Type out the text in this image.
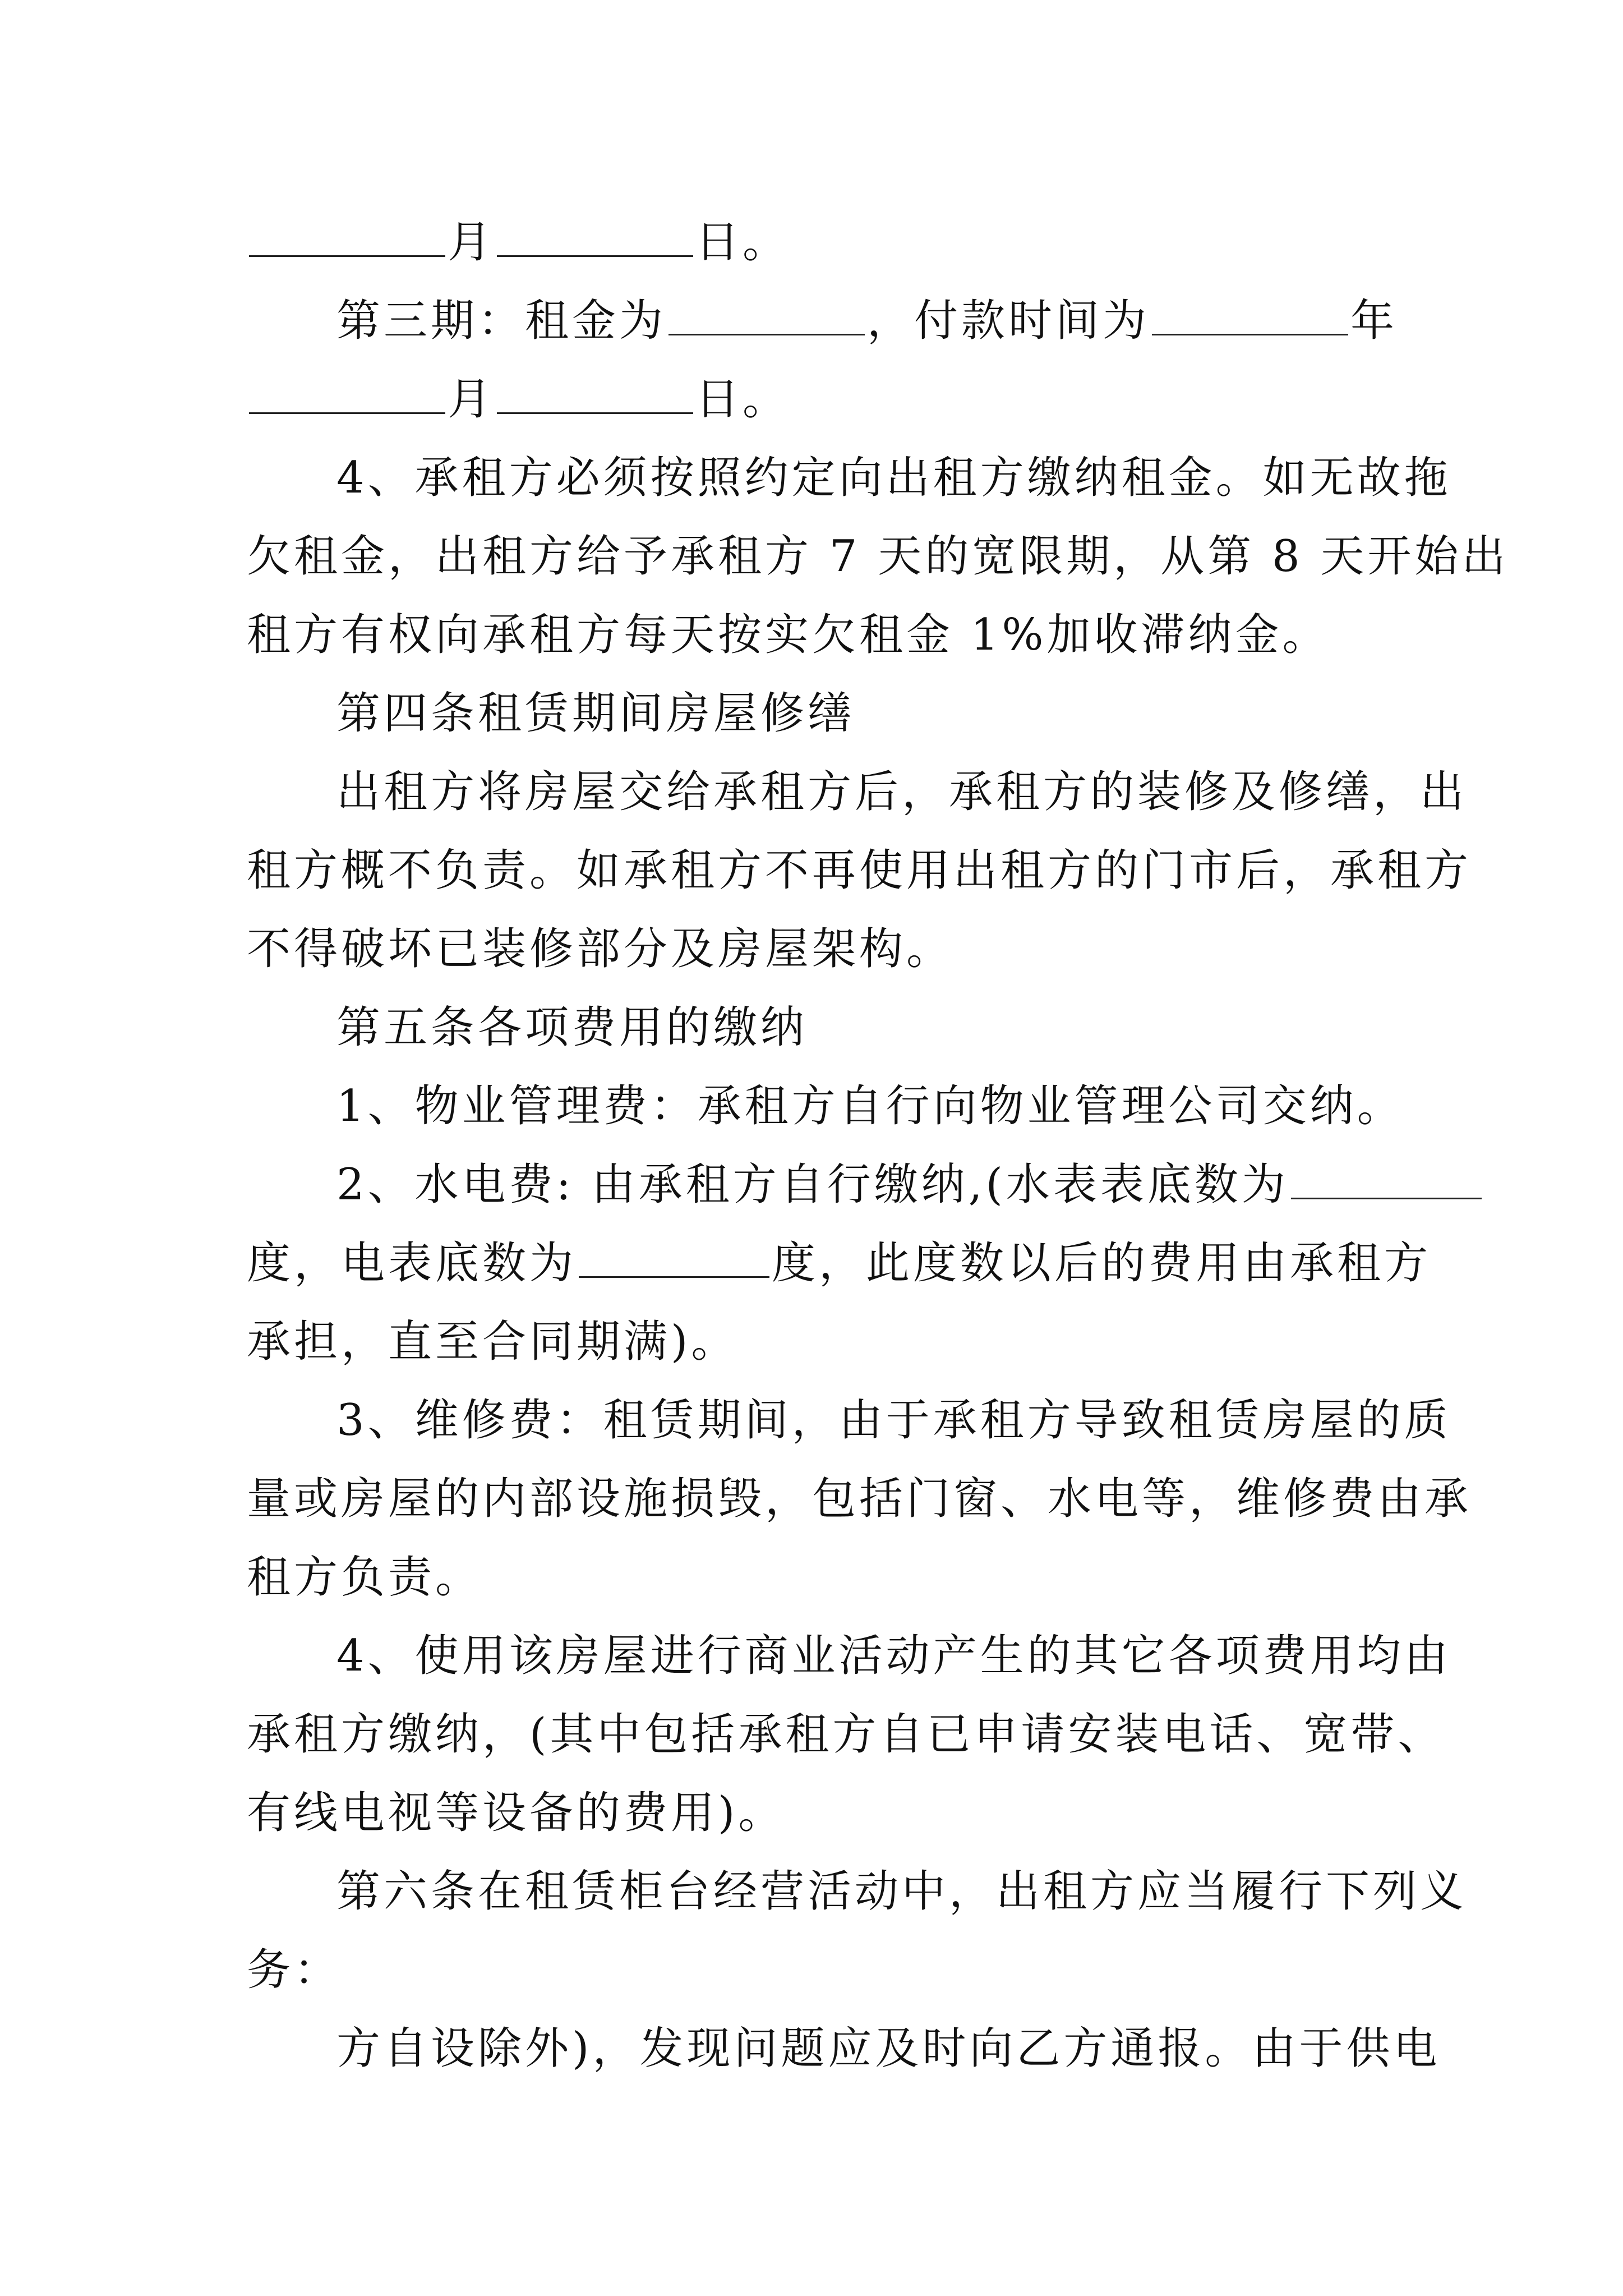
月	日。
第三期：租金为	，付款时间为	年
月	日。
4、承租方必须按照约定向出租方缴纳租金。如无故拖
欠租金，出租方给予承租方 7 天的宽限期，从第 8 天开始出
租方有权向承租方每天按实欠租金 1%加收滞纳金。
第四条租赁期间房屋修缮
出租方将房屋交给承租方后，承租方的装修及修缮，出
租方概不负责。如承租方不再使用出租方的门市后，承租方
不得破坏已装修部分及房屋架构。
第五条各项费用的缴纳
1、物业管理费：承租方自行向物业管理公司交纳。
2、水电费: 由承租方自行缴纳,(水表表底数为
度，电表底数为	度，此度数以后的费用由承租方
承担，直至合同期满)。
3、维修费：租赁期间，由于承租方导致租赁房屋的质
量或房屋的内部设施损毁，包括门窗、水电等，维修费由承
租方负责。
4、使用该房屋进行商业活动产生的其它各项费用均由
承租方缴纳，(其中包括承租方自已申请安装电话、宽带、
有线电视等设备的费用)。
第六条在租赁柜台经营活动中，出租方应当履行下列义
务：
方自设除外)，发现问题应及时向乙方通报。由于供电
